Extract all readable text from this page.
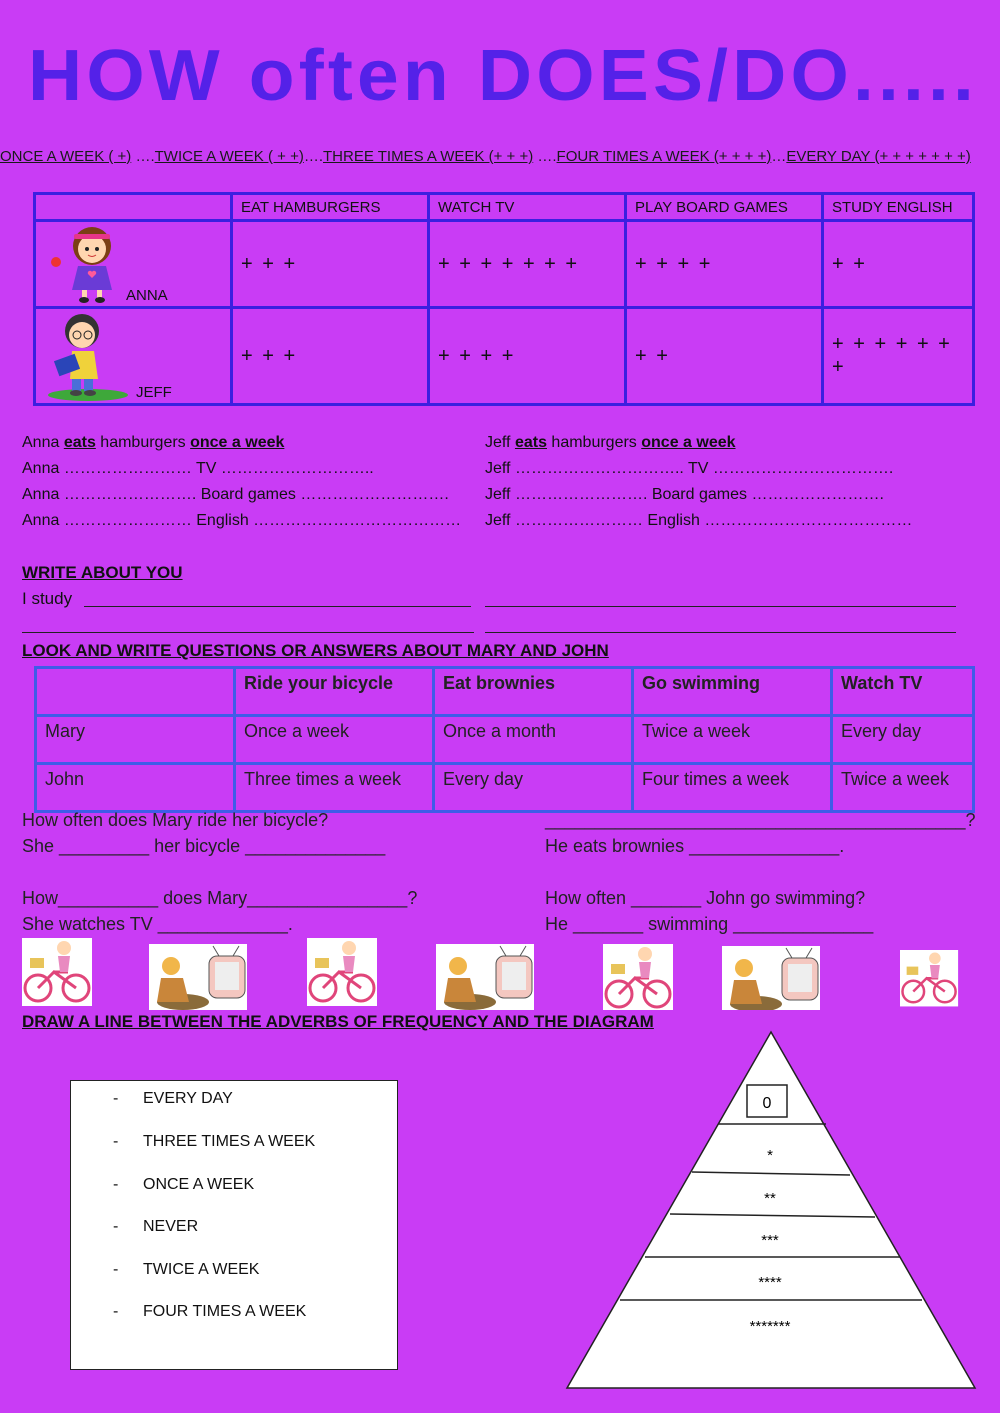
HOW often DOES/DO.....
ONCE A WEEK ( +) ….TWICE A WEEK ( + +)….THREE TIMES A WEEK (+ + +) ….FOUR TIMES A WEEK (+ + + +)…EVERY DAY (+ + + + + + +)
	EAT HAMBURGERS	WATCH TV	PLAY BOARD GAMES	STUDY ENGLISH

ANNA	+ + +	+ + + + + + +	+ + + +	+ +

JEFF	+ + +	+ + + +	+ +	+ + + + + + +
Anna eats hamburgers once a week
Anna …………………… TV ………………………..
Anna ……………………. Board games ……………………….
Anna …………………… English …………………………………
Jeff eats hamburgers once a week
Jeff ………………………….. TV …………………………….
Jeff ……………………. Board games …………………….
Jeff …………………… English …………………………………
WRITE ABOUT YOU
I study
LOOK AND WRITE QUESTIONS OR ANSWERS ABOUT MARY AND JOHN
	Ride your bicycle	Eat brownies	Go swimming	Watch TV
Mary	Once a week	Once a month	Twice a week	Every day
John	Three times a week	Every day	Four times a week	Twice a week
How often does Mary ride her bicycle?
She _________ her bicycle ______________
__________________________________________?
He eats brownies _______________.
How__________ does Mary________________?
She watches TV _____________.
How often _______ John go swimming?
He _______ swimming ______________
DRAW A LINE BETWEEN THE ADVERBS OF FREQUENCY AND THE DIAGRAM
- EVERY DAY
- THREE TIMES A WEEK
- ONCE A WEEK
- NEVER
- TWICE A WEEK
- FOUR TIMES A WEEK
0
*
**
***
****
*******
